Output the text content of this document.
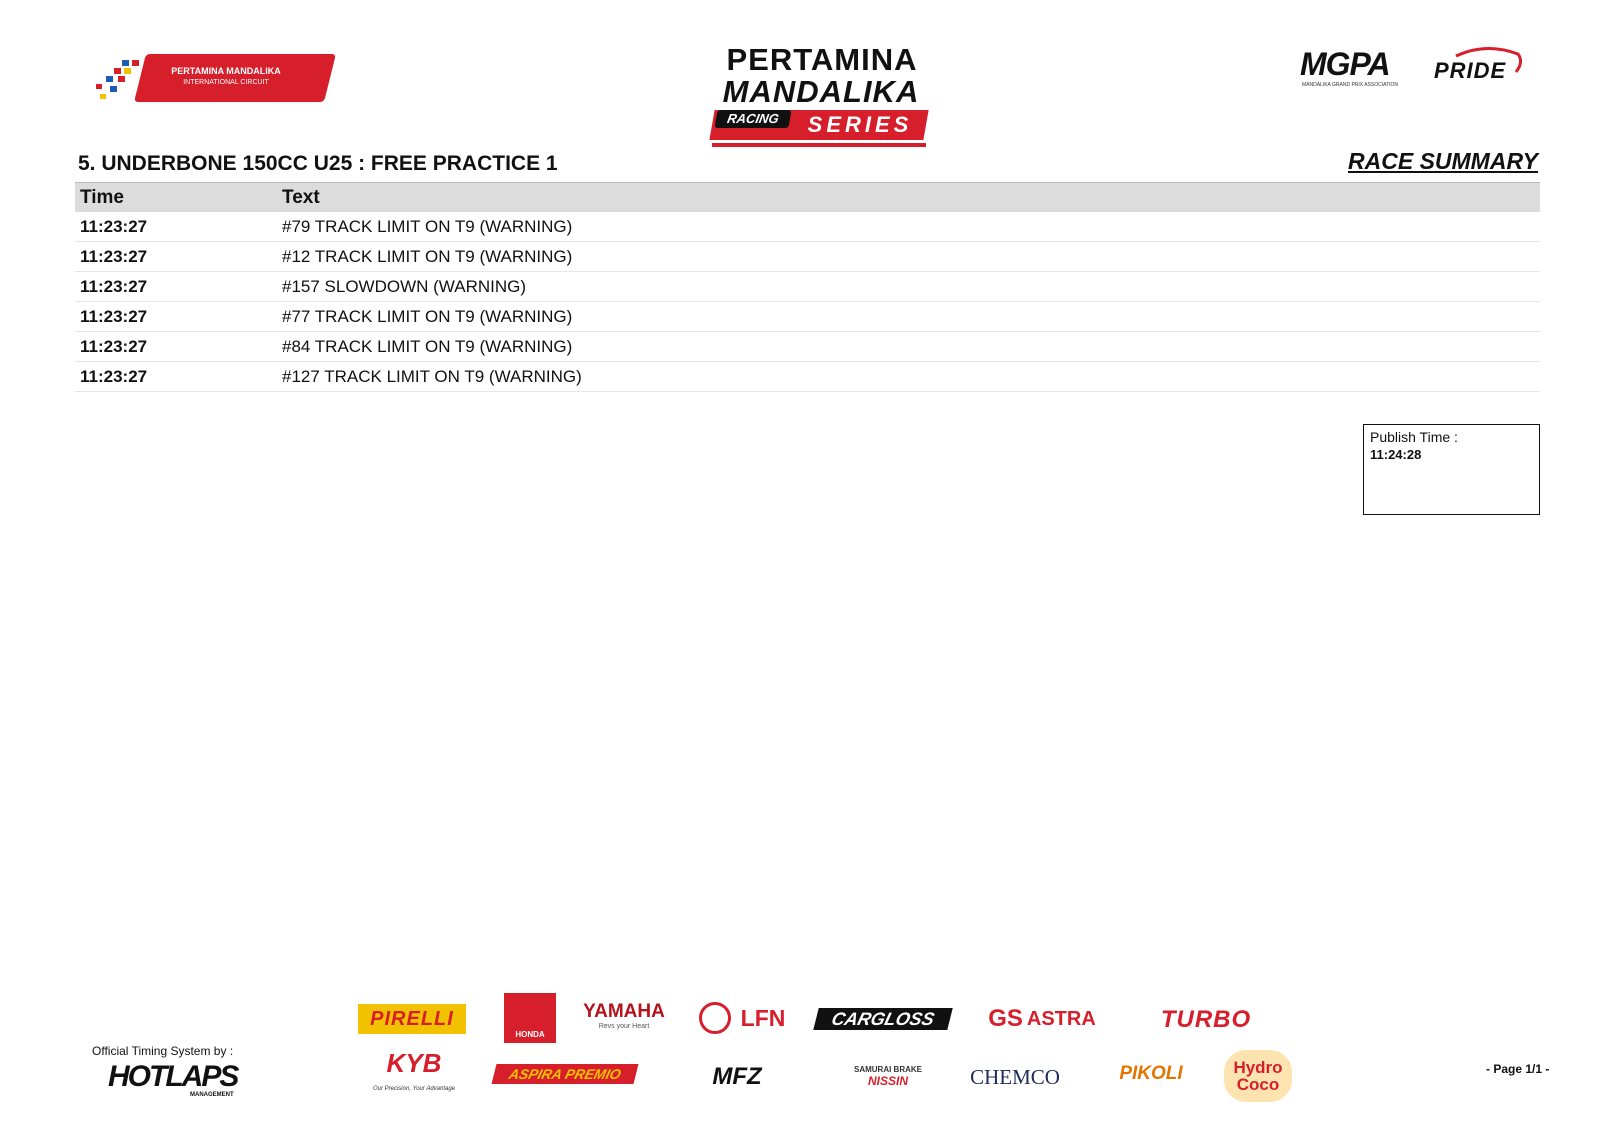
PERTAMINA MANDALIKA
INTERNATIONAL CIRCUIT
PERTAMINA
MANDALIKA
RACING	SERIES
MGPA
MANDALIKA GRAND PRIX ASSOCIATION
PRIDE
5. UNDERBONE 150CC U25 : FREE PRACTICE 1	RACE SUMMARY
Time	Text
11:23:27	#79 TRACK LIMIT ON T9 (WARNING)
11:23:27	#12 TRACK LIMIT ON T9 (WARNING)
11:23:27	#157 SLOWDOWN (WARNING)
11:23:27	#77 TRACK LIMIT ON T9 (WARNING)
11:23:27	#84 TRACK LIMIT ON T9 (WARNING)
11:23:27	#127 TRACK LIMIT ON T9 (WARNING)
Publish Time :
11:24:28
Official Timing System by :
HOTLAPS
MANAGEMENT
PIRELLI
HONDA
YAMAHA
Revs your Heart	LFN	CARGLOSS	GS ASTRA	TURBO
KYB
Our Precision, Your Advantage
ASPIRA PREMIO	MFZ	SAMURAI BRAKE
NISSIN	CHEMCO	PIKOLI	Hydro
Coco
- Page 1/1 -
